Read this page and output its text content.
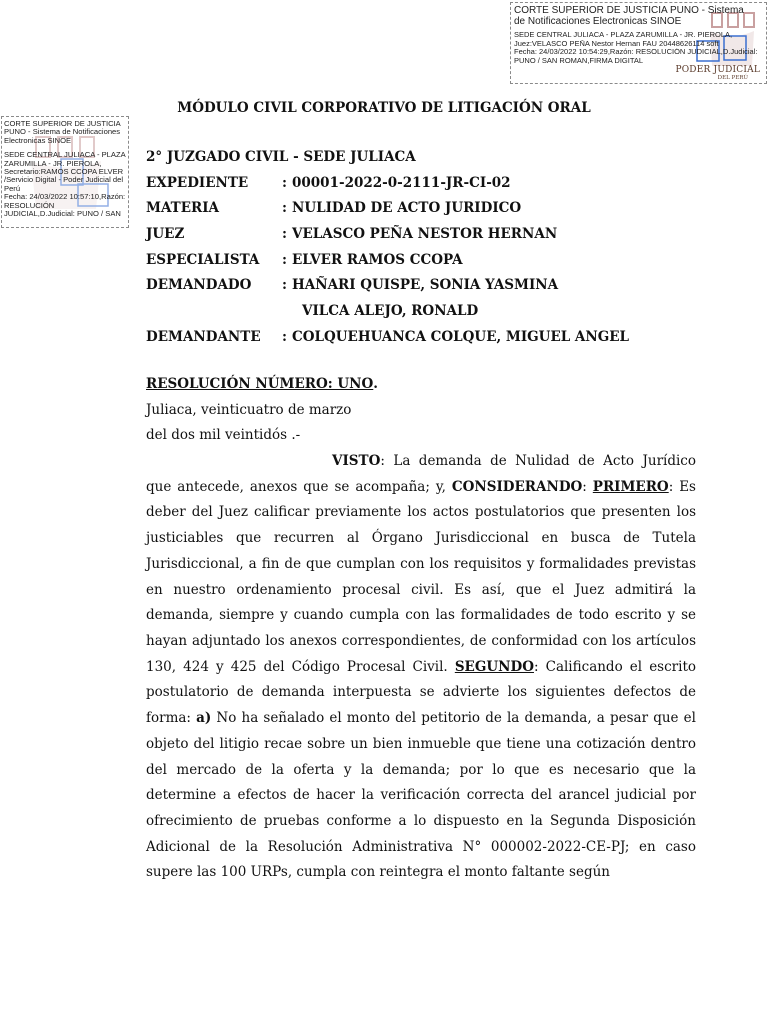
CORTE SUPERIOR DE JUSTICIA PUNO - Sistema
de Notificaciones Electronicas SINOE
SEDE CENTRAL JULIACA - PLAZA ZARUMILLA - JR. PIEROLA,
Juez:VELASCO PEÑA Nestor Hernan FAU 20448626114 soft
Fecha: 24/03/2022 10:54:29,Razón: RESOLUCIÓN JUDICIAL,D.Judicial:
PUNO / SAN ROMAN,FIRMA DIGITAL
PODER JUDICIAL
DEL PERÚ
CORTE SUPERIOR DE JUSTICIA PUNO - Sistema de Notificaciones Electronicas SINOE
SEDE CENTRAL JULIACA - PLAZA ZARUMILLA - JR. PIEROLA,
Secretario:RAMOS CCOPA ELVER /Servicio Digital - Poder Judicial del Perú
Fecha: 24/03/2022 10:57:10,Razón: RESOLUCIÓN JUDICIAL,D.Judicial: PUNO / SAN
MÓDULO CIVIL CORPORATIVO DE LITIGACIÓN ORAL
2° JUZGADO CIVIL - SEDE JULIACA
EXPEDIENTE	: 00001-2022-0-2111-JR-CI-02
MATERIA	: NULIDAD DE ACTO JURIDICO
JUEZ	: VELASCO PEÑA NESTOR HERNAN
ESPECIALISTA	: ELVER RAMOS CCOPA
DEMANDADO	: HAÑARI QUISPE, SONIA YASMINA
VILCA ALEJO, RONALD
DEMANDANTE	: COLQUEHUANCA COLQUE, MIGUEL ANGEL
RESOLUCIÓN NÚMERO: UNO.
Juliaca, veinticuatro de marzo
del dos mil veintidós .-
VISTO: La demanda de Nulidad de Acto Jurídico que antecede, anexos que se acompaña; y, CONSIDERANDO: PRIMERO: Es deber del Juez calificar previamente los actos postulatorios que presenten los justiciables que recurren al Órgano Jurisdiccional en busca de Tutela Jurisdiccional, a fin de que cumplan con los requisitos y formalidades previstas en nuestro ordenamiento procesal civil. Es así, que el Juez admitirá la demanda, siempre y cuando cumpla con las formalidades de todo escrito y se hayan adjuntado los anexos correspondientes, de conformidad con los artículos 130, 424 y 425 del Código Procesal Civil. SEGUNDO: Calificando el escrito postulatorio de demanda interpuesta se advierte los siguientes defectos de forma: a) No ha señalado el monto del petitorio de la demanda, a pesar que el objeto del litigio recae sobre un bien inmueble que tiene una cotización dentro del mercado de la oferta y la demanda; por lo que es necesario que la determine a efectos de hacer la verificación correcta del arancel judicial por ofrecimiento de pruebas conforme a lo dispuesto en la Segunda Disposición Adicional de la Resolución Administrativa N° 000002-2022-CE-PJ; en caso supere las 100 URPs, cumpla con reintegra el monto faltante según
